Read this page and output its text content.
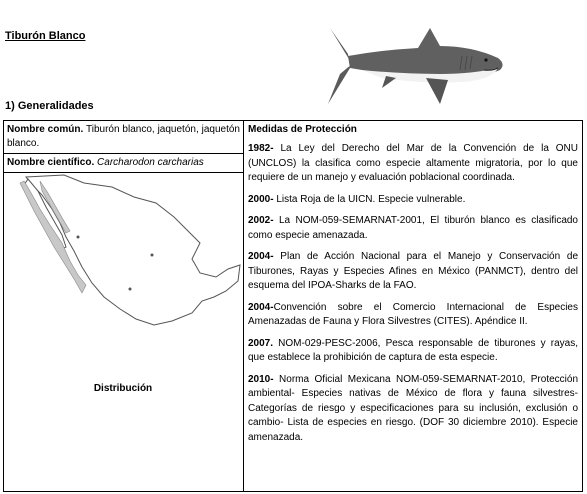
Tiburón Blanco
1) Generalidades
Nombre común. Tiburón blanco, jaquetón, jaquetón blanco.
Nombre científico. Carcharodon carcharias
Distribución

Medidas de Protección
1982- La Ley del Derecho del Mar de la Convención de la ONU (UNCLOS) la clasifica como especie altamente migratoria, por lo que requiere de un manejo y evaluación poblacional coordinada.
2000- Lista Roja de la UICN. Especie vulnerable.
2002- La NOM-059-SEMARNAT-2001, El tiburón blanco es clasificado como especie amenazada.
2004- Plan de Acción Nacional para el Manejo y Conservación de Tiburones, Rayas y Especies Afines en México (PANMCT), dentro del esquema del IPOA-Sharks de la FAO.
2004-Convención sobre el Comercio Internacional de Especies Amenazadas de Fauna y Flora Silvestres (CITES). Apéndice II.
2007. NOM-029-PESC-2006, Pesca responsable de tiburones y rayas, que establece la prohibición de captura de esta especie.
2010- Norma Oficial Mexicana NOM-059-SEMARNAT-2010, Protección ambiental- Especies nativas de México de flora y fauna silvestres- Categorías de riesgo y especificaciones para su inclusión, exclusión o cambio- Lista de especies en riesgo. (DOF 30 diciembre 2010). Especie amenazada.
